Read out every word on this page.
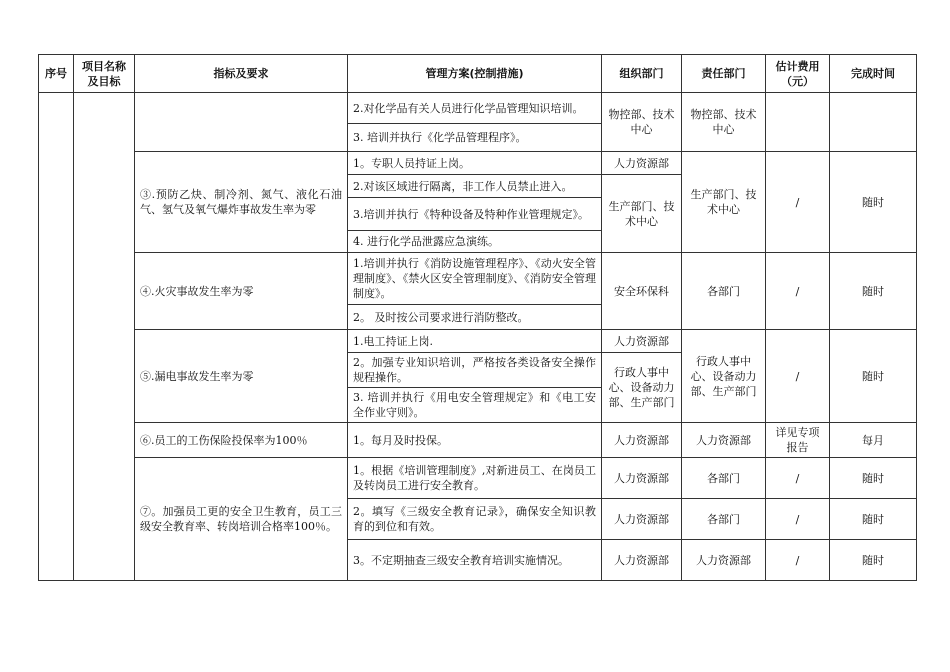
序号	项目名称及目标	指标及要求	管理方案(控制措施)	组织部门	责任部门	估计费用（元）	完成时间
			2.对化学品有关人员进行化学品管理知识培训。	物控部、技术中心	物控部、技术中心		
			3. 培训并执行《化学品管理程序》。				
		③.预防乙炔、制冷剂、氮气、液化石油气、氢气及氧气爆炸事故发生率为零	1。专职人员持证上岗。	人力资源部	生产部门、技术中心	/	随时
			2.对该区域进行隔离，非工作人员禁止进入。	生产部门、技术中心			
			3.培训并执行《特种设备及特种作业管理规定》。				
			4. 进行化学品泄露应急演练。				
		④.火灾事故发生率为零	1.培训并执行《消防设施管理程序》、《动火安全管理制度》、《禁火区安全管理制度》、《消防安全管理制度》。	安全环保科	各部门	/	随时
			2。 及时按公司要求进行消防整改。				
		⑤.漏电事故发生率为零	1.电工持证上岗.	人力资源部	行政人事中心、设备动力部、生产部门	/	随时
			2。加强专业知识培训，严格按各类设备安全操作规程操作。	行政人事中心、设备动力部、生产部门			
			3. 培训并执行《用电安全管理规定》和《电工安全作业守则》。				
		⑥.员工的工伤保险投保率为100％	1。每月及时投保。	人力资源部	人力资源部	详见专项报告	每月
		⑦。加强员工更的安全卫生教育，员工三级安全教育率、转岗培训合格率100％。	1。根据《培训管理制度》,对新进员工、在岗员工及转岗员工进行安全教育。	人力资源部	各部门	/	随时
			2。填写《三级安全教育记录》，确保安全知识教育的到位和有效。	人力资源部	各部门	/	随时
			3。不定期抽查三级安全教育培训实施情况。	人力资源部	人力资源部	/	随时
